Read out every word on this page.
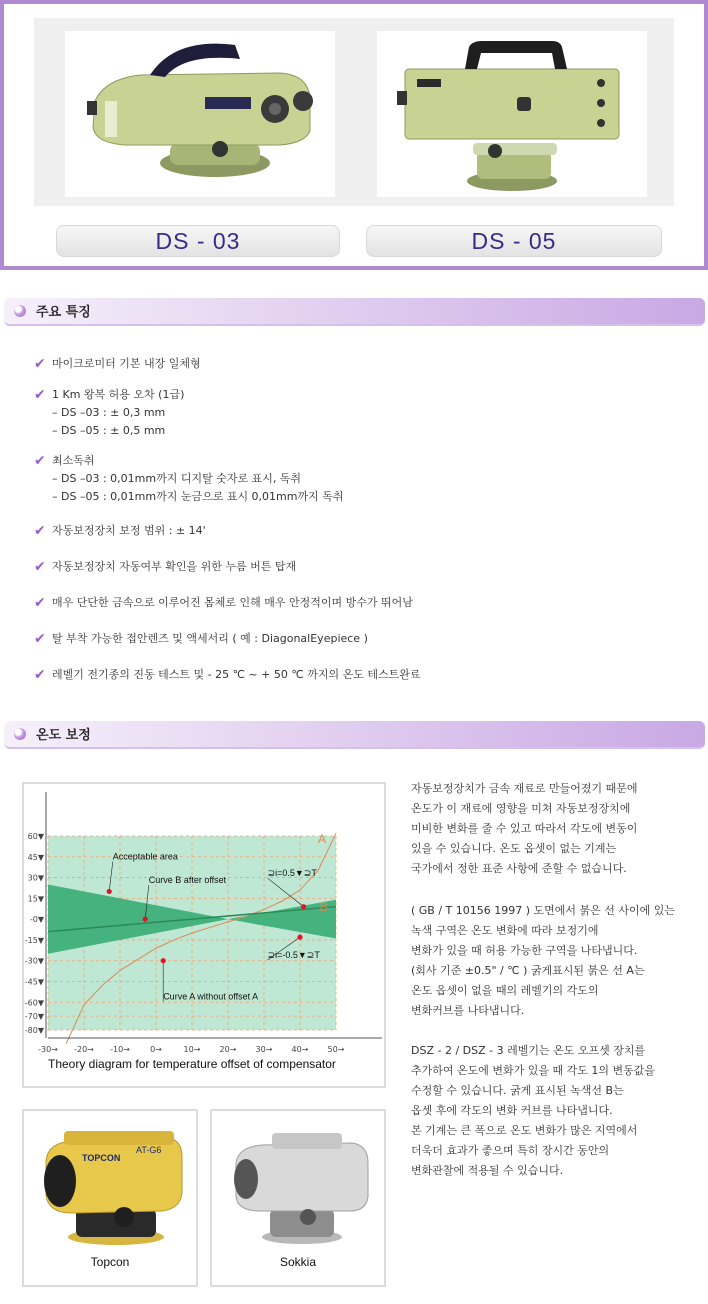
DS - 03	DS - 05
주요 특징
✔ 마이크로미터 기본 내장 일체형
✔ 1 Km 왕복 허용 오차 (1급)
– DS –03 : ± 0,3 mm
– DS –05 : ± 0,5 mm
✔ 최소독취
– DS –03 : 0,01mm까지 디지탈 숫자로 표시, 독취
– DS –05 : 0,01mm까지 눈금으로 표시 0,01mm까지 독취
✔ 자동보정장치 보정 범위 : ± 14'
✔ 자동보정장치 자동여부 확인을 위한 누름 버튼 탑재
✔ 매우 단단한 금속으로 이루어진 몸체로 인해 매우 안정적이며 방수가 뛰어남
✔ 탈 부착 가능한 접안렌즈 및 액세서리 ( 예 : DiagonalEyepiece )
✔ 레벨기 전기종의 진동 테스트 및 - 25 ℃ ~ + 50 ℃ 까지의 온도 테스트완료
온도 보정
-30→ -20→ -10→	0→	10→ 20→ 30→ 40→ 50→
60▼
45▼
30▼
15▼
-0▼
-15▼
-30▼
-45▼
-60▼
-70▼
-80▼
A
B
Acceptable area
Curve B after offset
Curve A without offset A
⊇i=0.5▼⊇T
⊇i=-0.5▼⊇T
Theory diagram for temperature offset of compensator
TOPCON
AT-G6
Topcon	Sokkia

자동보정장치가 금속 재료로 만들어졌기 때문에

온도가 이 재료에 영향을 미쳐 자동보정장치에

미비한 변화를 줄 수 있고 따라서 각도에 변동이

있을 수 있습니다. 온도 옵셋이 없는 기계는

국가에서 정한 표준 사항에 준할 수 없습니다.

( GB / T 10156 1997 ) 도면에서 붉은 선 사이에 있는

녹색 구역은 온도 변화에 따라 보정기에

변화가 있을 때 허용 가능한 구역을 나타냅니다.

(회사 기준 ±0.5" / ℃ ) 굵게표시된 붉은 선 A는

온도 옵셋이 없을 때의 레벨기의 각도의

변화커브를 나타냅니다.

DSZ - 2 / DSZ - 3 레벨기는 온도 오프셋 장치를

추가하여 온도에 변화가 있을 때 각도 1의 변동값을

수정할 수 있습니다. 굵게 표시된 녹색선 B는

옵셋 후에 각도의 변화 커브를 나타냅니다.

본 기계는 큰 폭으로 온도 변화가 많은 지역에서

더욱더 효과가 좋으며 특히 장시간 동안의

변화관찰에 적용될 수 있습니다.
